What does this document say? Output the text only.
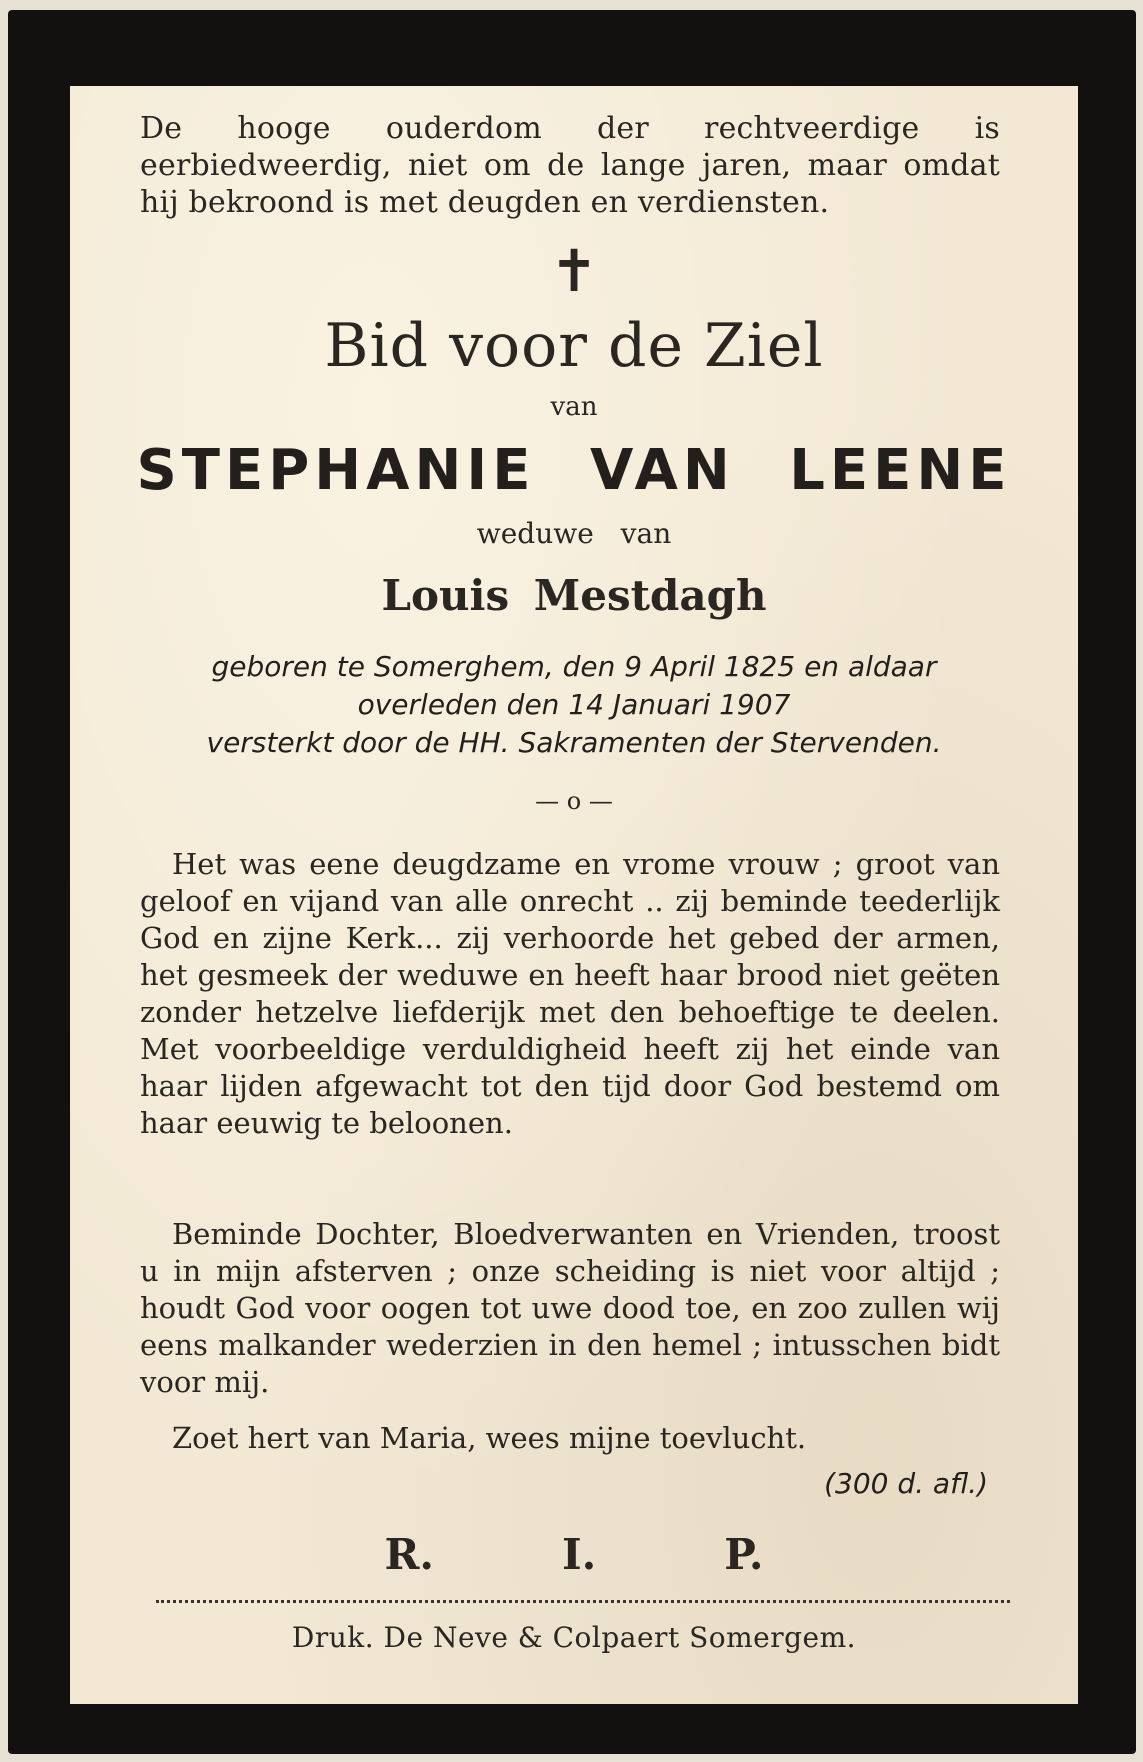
De hooge ouderdom der rechtveerdige is eerbiedweerdig, niet om de lange jaren, maar omdat hij bekroond is met deugden en verdiensten.
✝
Bid voor de Ziel
van
STEPHANIE VAN LEENE
weduwe van
Louis Mestdagh
geboren te Somerghem, den 9 April 1825 en aldaar
overleden den 14 Januari 1907
versterkt door de HH. Sakramenten der Stervenden.
— o —

Het was eene deugdzame en vrome vrouw ; groot van geloof en vijand van alle onrecht .. zij beminde teederlijk God en zijne Kerk... zij verhoorde het gebed der armen, het gesmeek der weduwe en heeft haar brood niet geëten zonder hetzelve liefderijk met den behoeftige te deelen. Met voorbeeldige verduldigheid heeft zij het einde van haar lijden afgewacht tot den tijd door God bestemd om haar eeuwig te beloonen.

Beminde Dochter, Bloedverwanten en Vrienden, troost u in mijn afsterven ; onze scheiding is niet voor altijd ; houdt God voor oogen tot uwe dood toe, en zoo zullen wij eens malkander wederzien in den hemel ; intusschen bidt voor mij.

Zoet hert van Maria, wees mijne toevlucht.
(300 d. afl.)
R.	I.	P.
Druk. De Neve & Colpaert Somergem.
